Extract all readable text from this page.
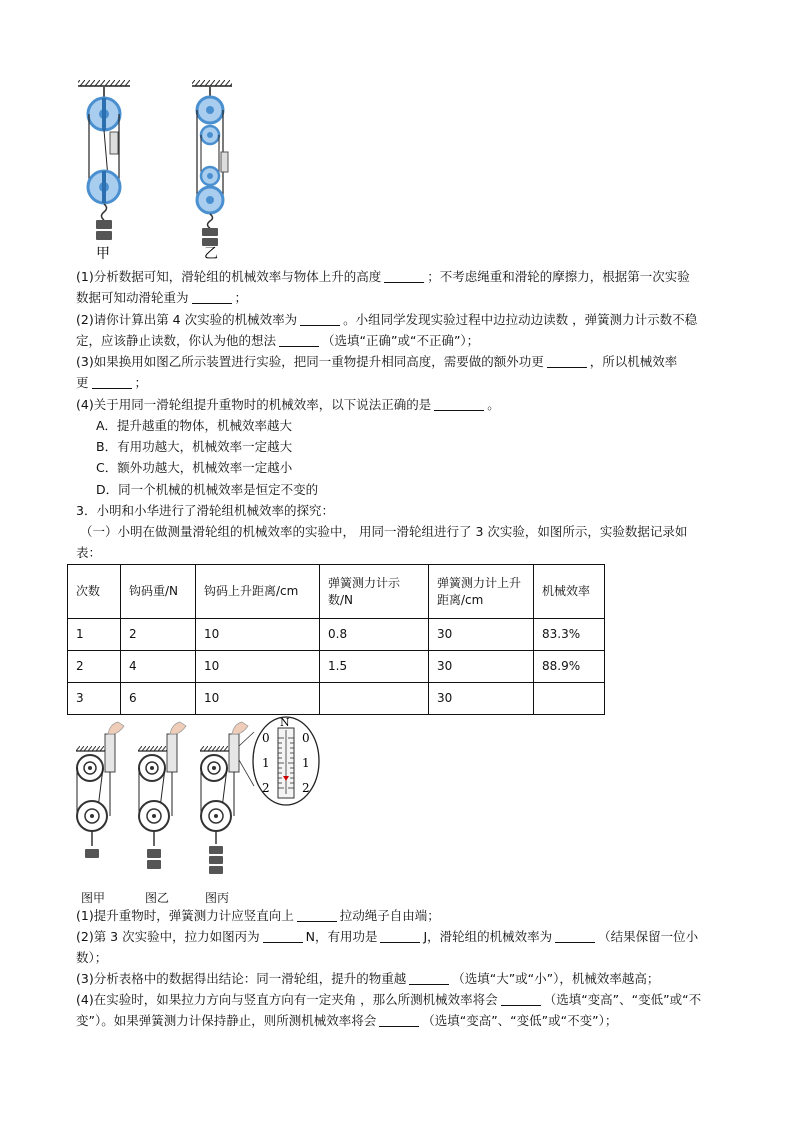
甲	乙
(1)分析数据可知，滑轮组的机械效率与物体上升的高度	；不考虑绳重和滑轮的摩擦力，根据第一次实验
数据可知动滑轮重为	；
(2)请你计算出第 4 次实验的机械效率为	。小组同学发现实验过程中边拉动边读数 ，弹簧测力计示数不稳
定，应该静止读数，你认为他的想法	（选填“正确”或“不正确”）；
(3)如果换用如图乙所示装置进行实验，把同一重物提升相同高度，需要做的额外功更	，所以机械效率
更	；
(4)关于用同一滑轮组提升重物时的机械效率，以下说法正确的是	。
A．提升越重的物体，机械效率越大
B．有用功越大，机械效率一定越大
C．额外功越大，机械效率一定越小
D．同一个机械的机械效率是恒定不变的
3．小明和小华进行了滑轮组机械效率的探究：
（一）小明在做测量滑轮组的机械效率的实验中， 用同一滑轮组进行了 3 次实验，如图所示，实验数据记录如
表：
次数	钩码重/N	钩码上升距离/cm	弹簧测力计示数/N	弹簧测力计上升距离/cm	机械效率
1	2	10	0.8	30	83.3%
2	4	10	1.5	30	88.9%
3	6	10		30	
N
0	0
1	1
2	2
图甲	图乙	图丙
(1)提升重物时，弹簧测力计应竖直向上	拉动绳子自由端；
(2)第 3 次实验中，拉力如图丙为	N，有用功是	J，滑轮组的机械效率为	（结果保留一位小
数）；
(3)分析表格中的数据得出结论：同一滑轮组，提升的物重越	（选填“大”或“小”），机械效率越高；
(4)在实验时，如果拉力方向与竖直方向有一定夹角 ，那么所测机械效率将会	（选填“变高”、“变低”或“不
变”）。如果弹簧测力计保持静止，则所测机械效率将会	（选填“变高”、“变低”或“不变”）；
